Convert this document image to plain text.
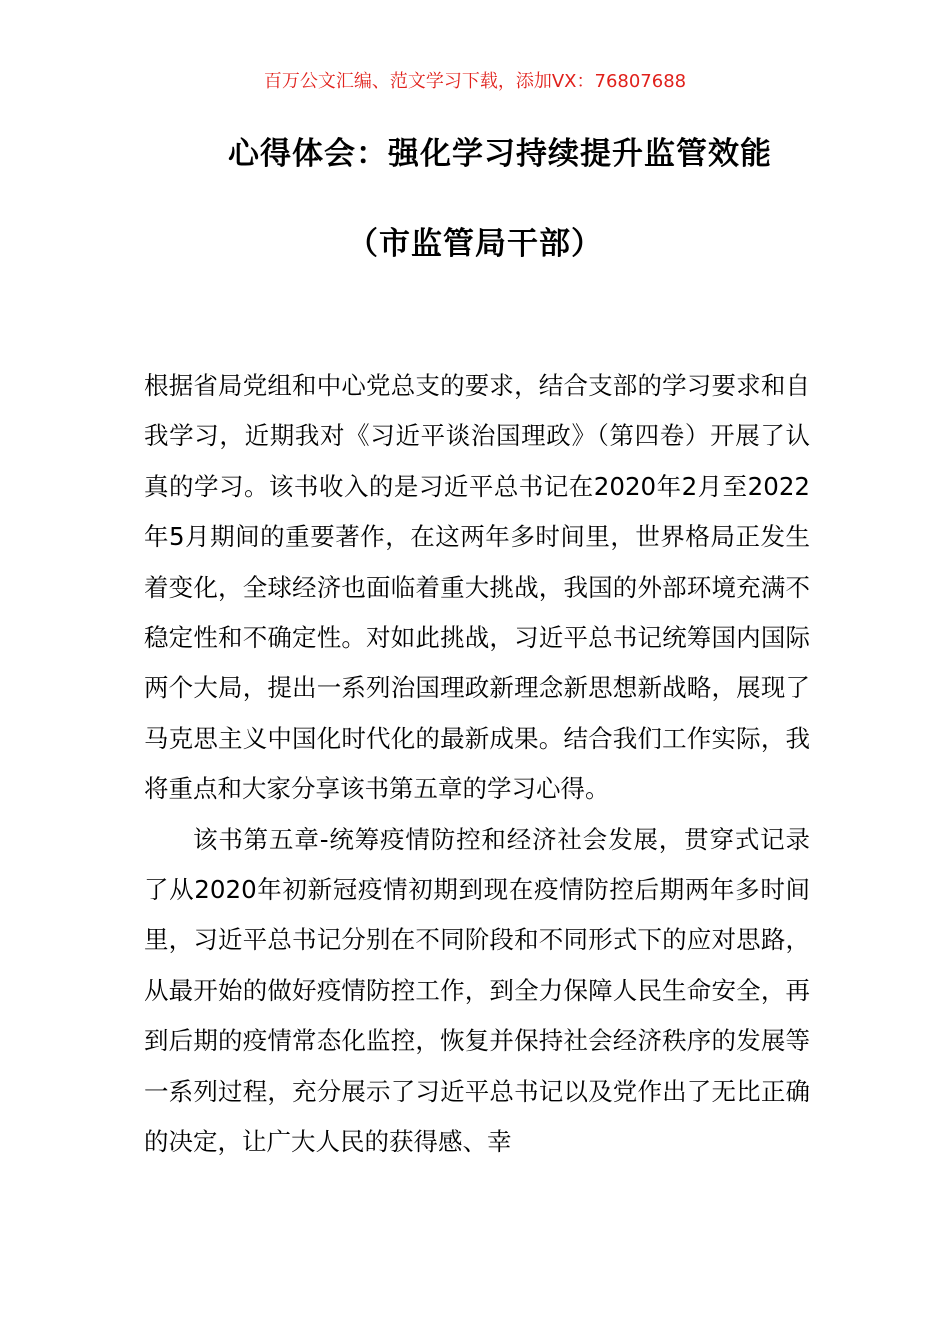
百万公文汇编、范文学习下载，添加VX：76807688
心得体会：强化学习持续提升监管效能
（市监管局干部）

根据省局党组和中心党总支的要求，结合支部的学习要求和自我学习，近期我对《习近平谈治国理政》（第四卷）开展了认真的学习。该书收入的是习近平总书记在2020年2月至2022年5月期间的重要著作，在这两年多时间里，世界格局正发生着变化，全球经济也面临着重大挑战，我国的外部环境充满不稳定性和不确定性。对如此挑战，习近平总书记统筹国内国际两个大局，提出一系列治国理政新理念新思想新战略，展现了马克思主义中国化时代化的最新成果。结合我们工作实际，我将重点和大家分享该书第五章的学习心得。

该书第五章-统筹疫情防控和经济社会发展，贯穿式记录了从2020年初新冠疫情初期到现在疫情防控后期两年多时间里，习近平总书记分别在不同阶段和不同形式下的应对思路，从最开始的做好疫情防控工作，到全力保障人民生命安全，再到后期的疫情常态化监控，恢复并保持社会经济秩序的发展等一系列过程，充分展示了习近平总书记以及党作出了无比正确的决定，让广大人民的获得感、幸
